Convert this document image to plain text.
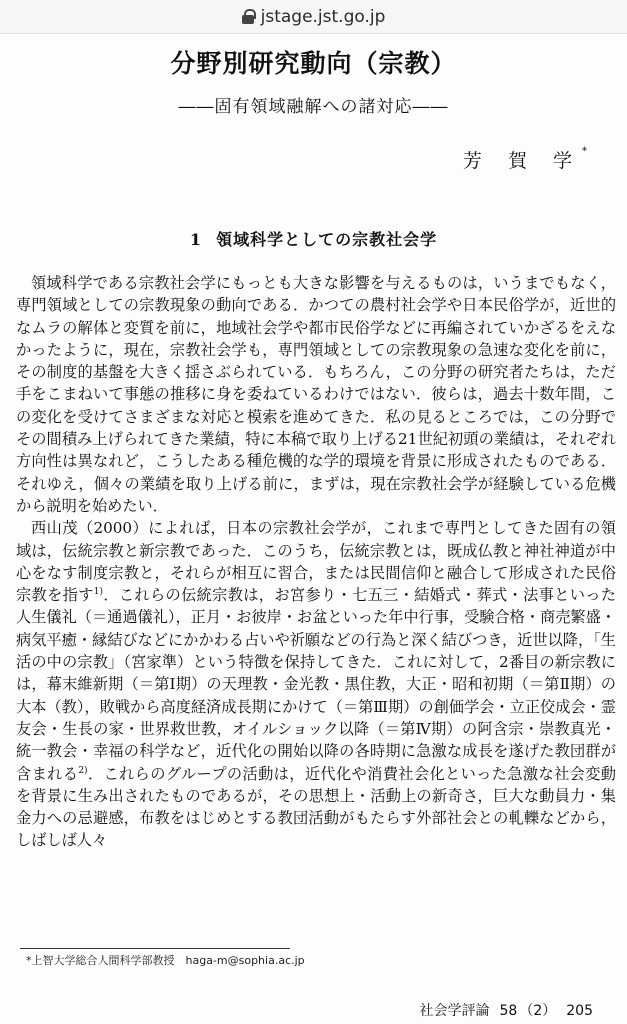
jstage.jst.go.jp
分野別研究動向（宗教）
――固有領域融解への諸対応――
芳 賀 学*
1 領域科学としての宗教社会学

領域科学である宗教社会学にもっとも大きな影響を与えるものは，いうまでもなく，専門領域としての宗教現象の動向である．かつての農村社会学や日本民俗学が，近世的なムラの解体と変質を前に，地域社会学や都市民俗学などに再編されていかざるをえなかったように，現在，宗教社会学も，専門領域としての宗教現象の急速な変化を前に，その制度的基盤を大きく揺さぶられている．もちろん，この分野の研究者たちは，ただ手をこまねいて事態の推移に身を委ねているわけではない．彼らは，過去十数年間，この変化を受けてさまざまな対応と模索を進めてきた．私の見るところでは，この分野でその間積み上げられてきた業績，特に本稿で取り上げる21世紀初頭の業績は，それぞれ方向性は異なれど，こうしたある種危機的な学的環境を背景に形成されたものである．それゆえ，個々の業績を取り上げる前に，まずは，現在宗教社会学が経験している危機から説明を始めたい．

西山茂（2000）によれば，日本の宗教社会学が，これまで専門としてきた固有の領域は，伝統宗教と新宗教であった．このうち，伝統宗教とは，既成仏教と神社神道が中心をなす制度宗教と，それらが相互に習合，または民間信仰と融合して形成された民俗宗教を指す$^{1)}$．これらの伝統宗教は，お宮参り・七五三・結婚式・葬式・法事といった人生儀礼（＝通過儀礼），正月・お彼岸・お盆といった年中行事，受験合格・商売繁盛・病気平癒・縁結びなどにかかわる占いや祈願などの行為と深く結びつき，近世以降，「生活の中の宗教」（宮家準）という特徴を保持してきた．これに対して，2番目の新宗教には，幕末維新期（＝第Ⅰ期）の天理教・金光教・黒住教，大正・昭和初期（＝第Ⅱ期）の大本（教），敗戦から高度経済成長期にかけて（＝第Ⅲ期）の創価学会・立正佼成会・霊友会・生長の家・世界救世教，オイルショック以降（＝第Ⅳ期）の阿含宗・崇教真光・統一教会・幸福の科学など，近代化の開始以降の各時期に急激な成長を遂げた教団群が含まれる$^{2)}$．これらのグループの活動は，近代化や消費社会化といった急激な社会変動を背景に生み出されたものであるが，その思想上・活動上の新奇さ，巨大な動員力・集金力への忌避感，布教をはじめとする教団活動がもたらす外部社会との軋轢などから，しばしば人々

*上智大学総合人間科学部教授　haga-m@sophia.ac.jp
社会学評論 58 （2） 205
